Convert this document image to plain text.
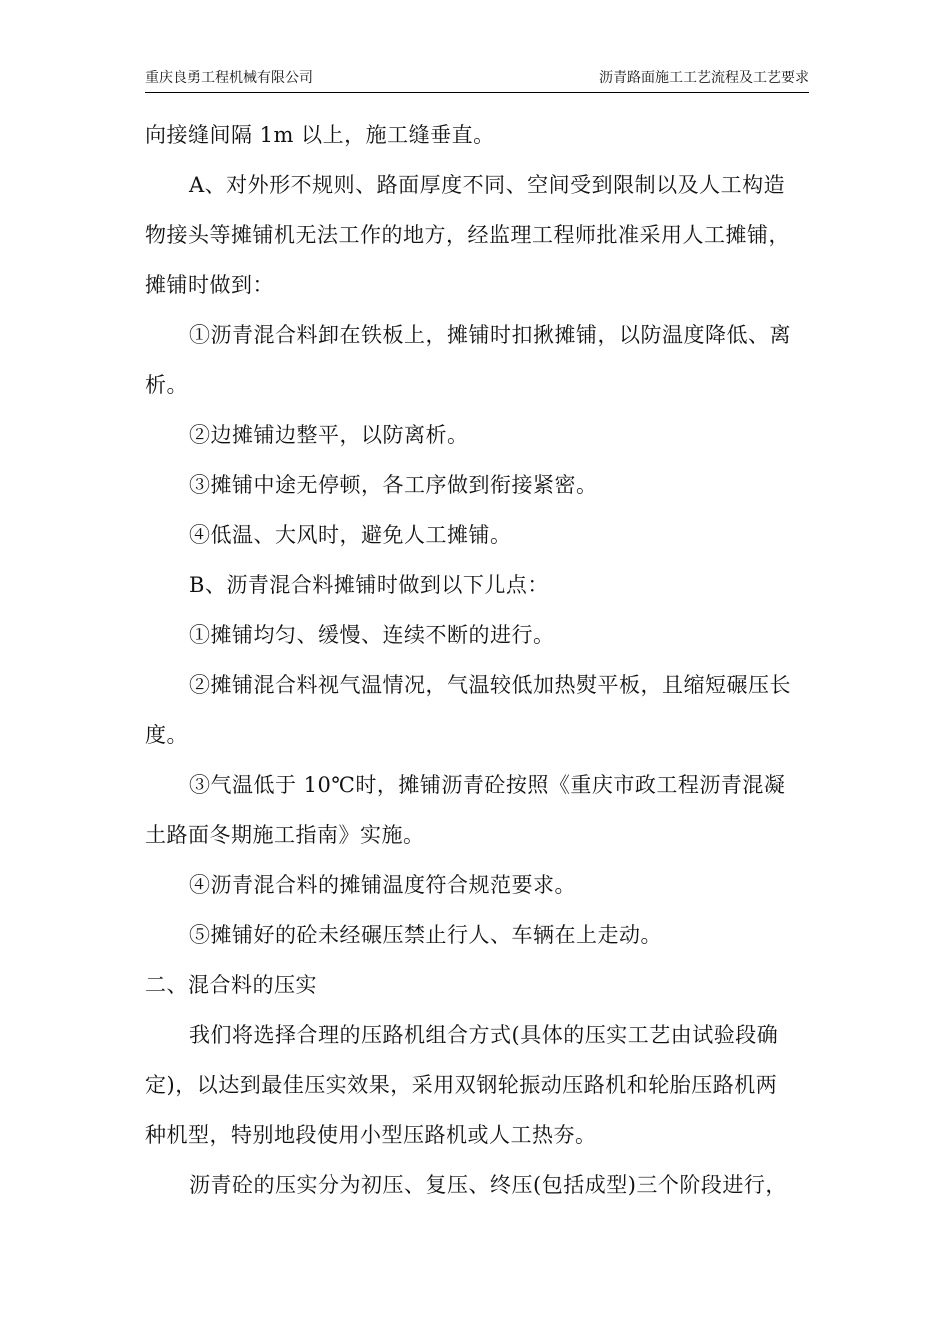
重庆良勇工程机械有限公司	沥青路面施工工艺流程及工艺要求
向接缝间隔 1m 以上，施工缝垂直。
A、对外形不规则、路面厚度不同、空间受到限制以及人工构造
物接头等摊铺机无法工作的地方，经监理工程师批准采用人工摊铺，
摊铺时做到：
①沥青混合料卸在铁板上，摊铺时扣揪摊铺，以防温度降低、离
析。
②边摊铺边整平，以防离析。
③摊铺中途无停顿，各工序做到衔接紧密。
④低温、大风时，避免人工摊铺。
B、沥青混合料摊铺时做到以下儿点：
①摊铺均匀、缓慢、连续不断的进行。
②摊铺混合料视气温情况，气温较低加热熨平板，且缩短碾压长
度。
③气温低于 10℃时，摊铺沥青砼按照《重庆市政工程沥青混凝
土路面冬期施工指南》实施。
④沥青混合料的摊铺温度符合规范要求。
⑤摊铺好的砼未经碾压禁止行人、车辆在上走动。
二、混合料的压实
我们将选择合理的压路机组合方式(具体的压实工艺由试验段确
定)，以达到最佳压实效果，采用双钢轮振动压路机和轮胎压路机两
种机型，特别地段使用小型压路机或人工热夯。
沥青砼的压实分为初压、复压、终压(包括成型)三个阶段进行，
